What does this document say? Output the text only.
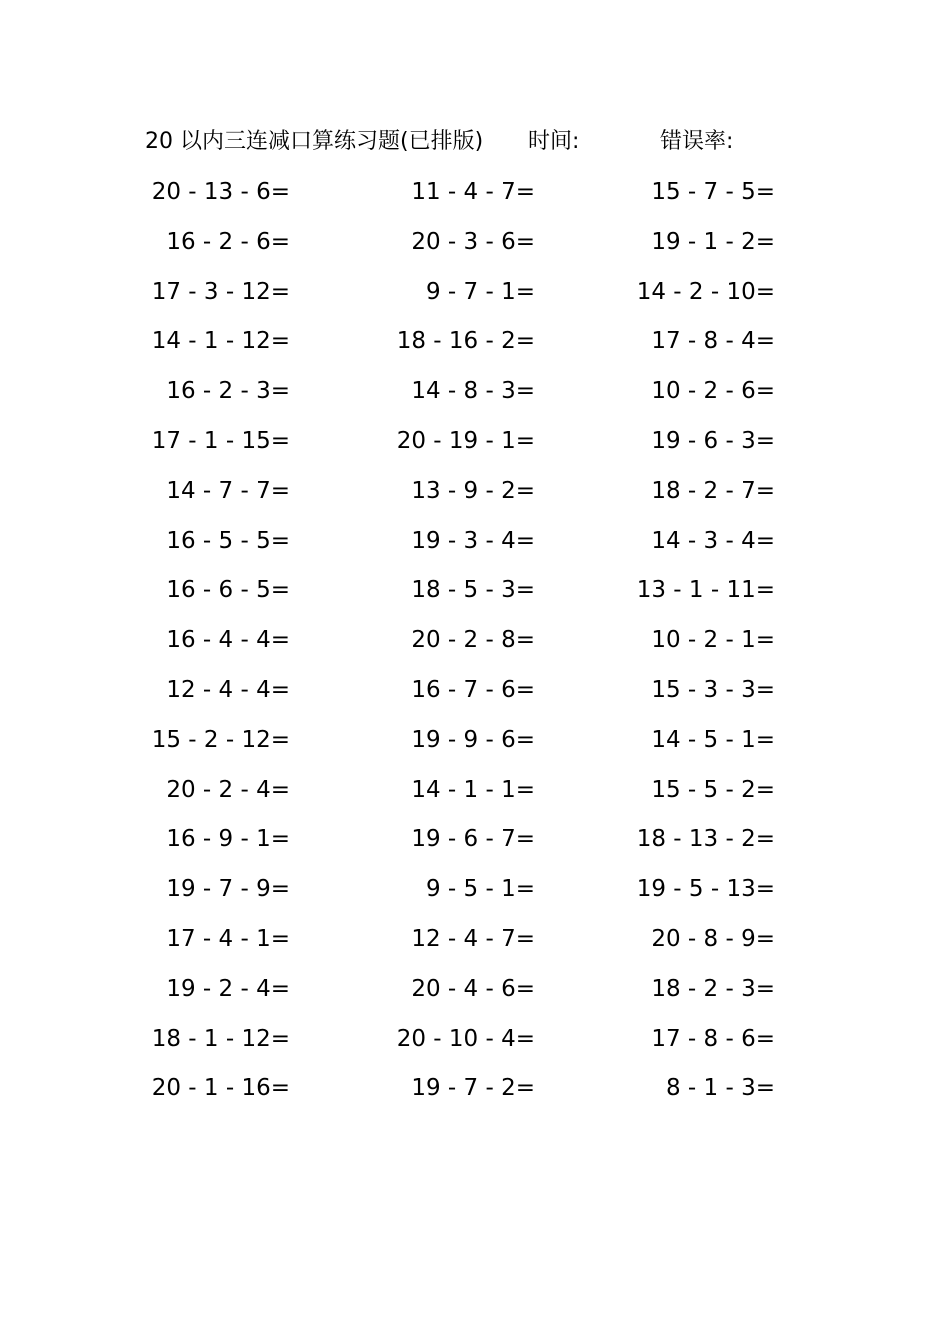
20 以内三连减口算练习题(已排版) 时间:	错误率:
20 - 13 - 6=	11 - 4 - 7=	15 - 7 - 5=
16 - 2 - 6=	20 - 3 - 6=	19 - 1 - 2=
17 - 3 - 12=	9 - 7 - 1=	14 - 2 - 10=
14 - 1 - 12=	18 - 16 - 2=	17 - 8 - 4=
16 - 2 - 3=	14 - 8 - 3=	10 - 2 - 6=
17 - 1 - 15=	20 - 19 - 1=	19 - 6 - 3=
14 - 7 - 7=	13 - 9 - 2=	18 - 2 - 7=
16 - 5 - 5=	19 - 3 - 4=	14 - 3 - 4=
16 - 6 - 5=	18 - 5 - 3=	13 - 1 - 11=
16 - 4 - 4=	20 - 2 - 8=	10 - 2 - 1=
12 - 4 - 4=	16 - 7 - 6=	15 - 3 - 3=
15 - 2 - 12=	19 - 9 - 6=	14 - 5 - 1=
20 - 2 - 4=	14 - 1 - 1=	15 - 5 - 2=
16 - 9 - 1=	19 - 6 - 7=	18 - 13 - 2=
19 - 7 - 9=	9 - 5 - 1=	19 - 5 - 13=
17 - 4 - 1=	12 - 4 - 7=	20 - 8 - 9=
19 - 2 - 4=	20 - 4 - 6=	18 - 2 - 3=
18 - 1 - 12=	20 - 10 - 4=	17 - 8 - 6=
20 - 1 - 16=	19 - 7 - 2=	8 - 1 - 3=
